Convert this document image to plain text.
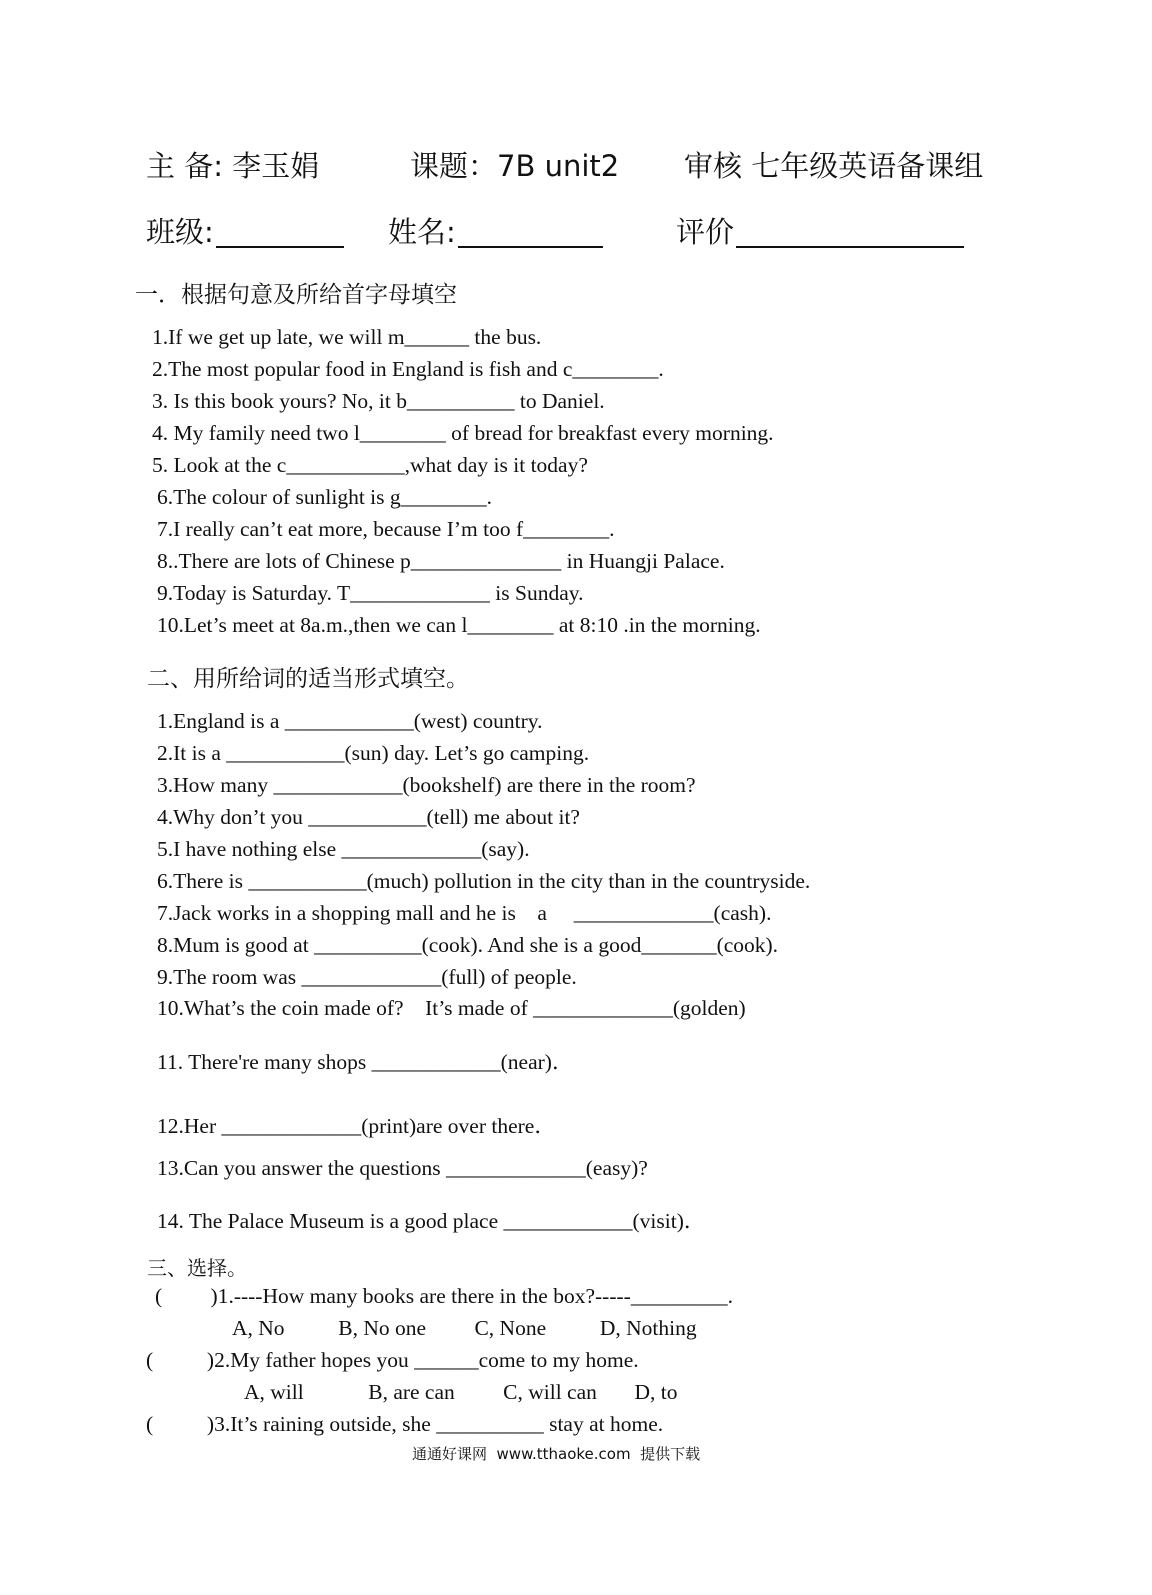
主 备: 李玉娟	课题：7B unit2 审核 七年级英语备课组
班级:	姓名:	评价
一．根据句意及所给首字母填空
1.If we get up late, we will m______ the bus.
2.The most popular food in England is fish and c________.
3. Is this book yours? No, it b__________ to Daniel.
4. My family need two l________ of bread for breakfast every morning.
5. Look at the c___________,what day is it today?
6.The colour of sunlight is g________.
7.I really can’t eat more, because I’m too f________.
8..There are lots of Chinese p______________ in Huangji Palace.
9.Today is Saturday. T_____________ is Sunday.
10.Let’s meet at 8a.m.,then we can l________ at 8:10 .in the morning.
二、用所给词的适当形式填空。
1.England is a ____________(west) country.
2.It is a ___________(sun) day. Let’s go camping.
3.How many ____________(bookshelf) are there in the room?
4.Why don’t you ___________(tell) me about it?
5.I have nothing else _____________(say).
6.There is ___________(much) pollution in the city than in the countryside.
7.Jack works in a shopping mall and he is    a     _____________(cash).
8.Mum is good at __________(cook). And she is a good_______(cook).
9.The room was _____________(full) of people.
10.What’s the coin made of?    It’s made of _____________(golden)
11. There're many shops ____________(near)．
12.Her _____________(print)are over there．
13.Can you answer the questions _____________(easy)?
14. The Palace Museum is a good place ____________(visit)．
三、选择。
(         )1.----How many books are there in the box?-----_________.
A, No          B, No one         C, None          D, Nothing
(          )2.My father hopes you ______come to my home.
A, will            B, are can         C, will can       D, to
(          )3.It’s raining outside, she __________ stay at home.
通通好课网  www.tthaoke.com  提供下载
